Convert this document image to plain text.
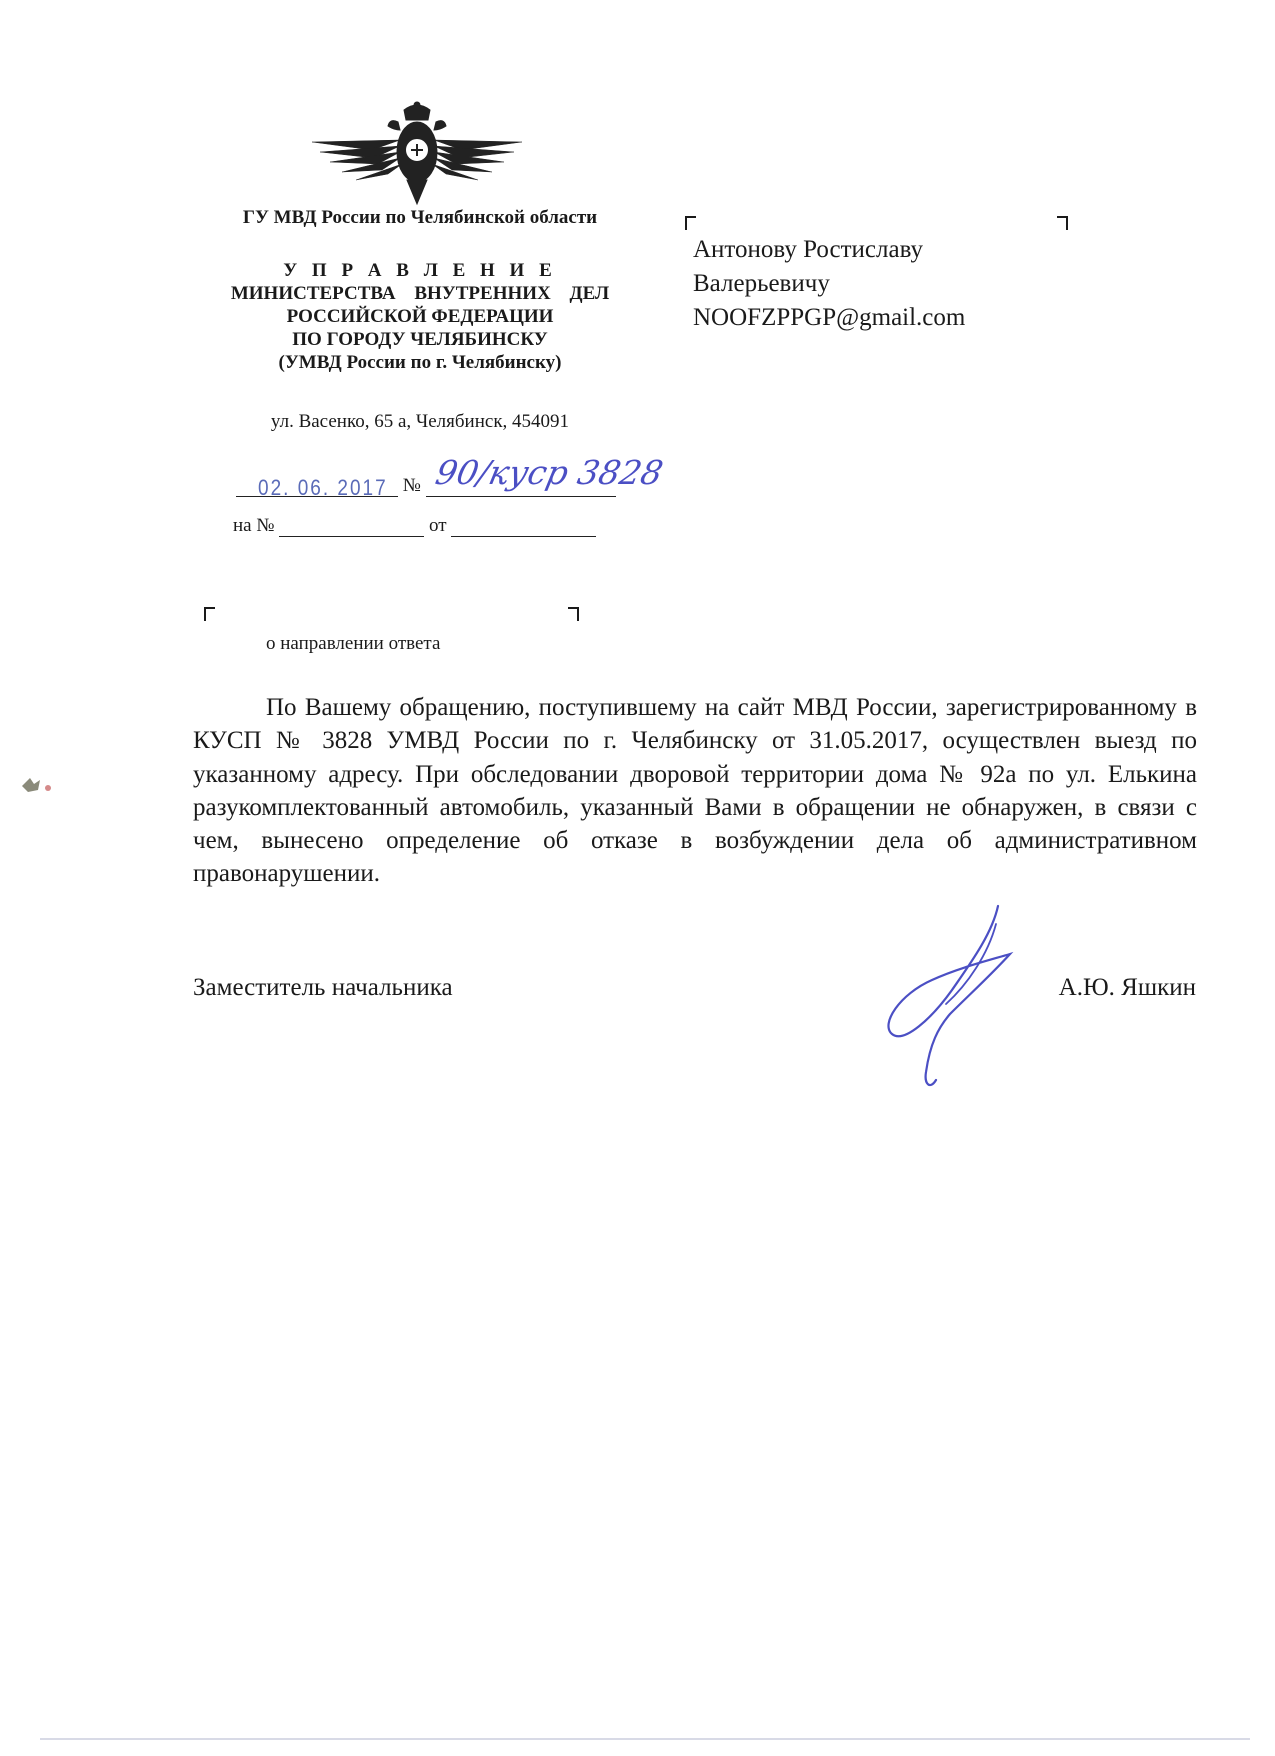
ГУ МВД России по Челябинской области
У П Р А В Л Е Н И Е
МИНИСТЕРСТВА ВНУТРЕННИХ ДЕЛ
РОССИЙСКОЙ ФЕДЕРАЦИИ
ПО ГОРОДУ ЧЕЛЯБИНСКУ
(УМВД России по г. Челябинску)
ул. Васенко, 65 а, Челябинск, 454091
02. 06. 2017 № 90/куср 3828
на №	от
Антонову Ростиславу
Валерьевичу
NOOFZPPGP@gmail.com
о направлении ответа
По Вашему обращению, поступившему на сайт МВД России, зарегистрированному в КУСП № 3828 УМВД России по г. Челябинску от 31.05.2017, осуществлен выезд по указанному адресу. При обследовании дворовой территории дома № 92а по ул. Елькина разукомплектованный автомобиль, указанный Вами в обращении не обнаружен, в связи с чем, вынесено определение об отказе в возбуждении дела об административном правонарушении.
Заместитель начальника	А.Ю. Яшкин
